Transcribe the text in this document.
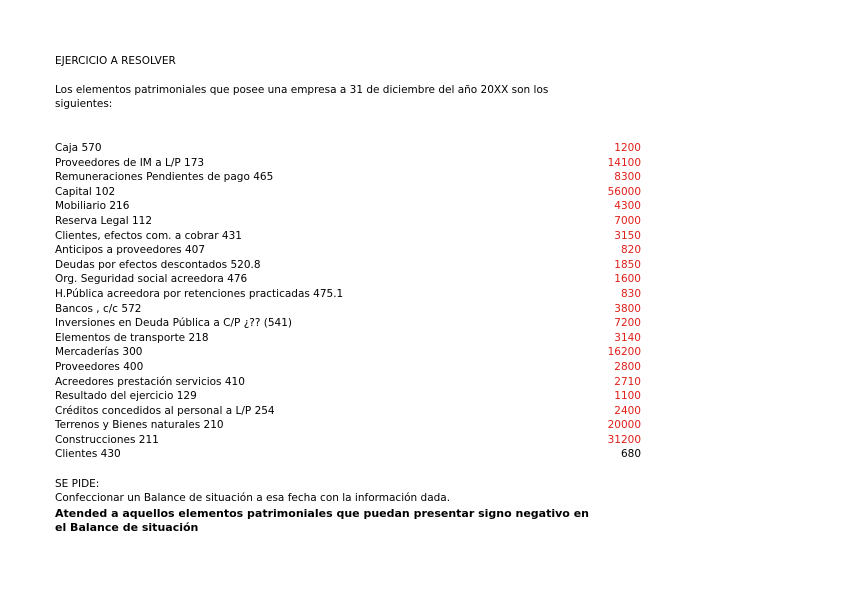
EJERCICIO A RESOLVER
Los elementos patrimoniales que posee una empresa a 31 de diciembre del año 20XX son los siguientes:
Caja 570	1200
Proveedores de IM a L/P 173	14100
Remuneraciones Pendientes de pago 465	8300
Capital 102	56000
Mobiliario 216	4300
Reserva Legal 112	7000
Clientes, efectos com. a cobrar 431	3150
Anticipos a proveedores 407	820
Deudas por efectos descontados 520.8	1850
Org. Seguridad social acreedora 476	1600
H.Pública acreedora por retenciones practicadas 475.1	830
Bancos , c/c 572	3800
Inversiones en Deuda Pública a C/P ¿?? (541)	7200
Elementos de transporte 218	3140
Mercaderías 300	16200
Proveedores 400	2800
Acreedores prestación servicios 410	2710
Resultado del ejercicio 129	1100
Créditos concedidos al personal a L/P 254	2400
Terrenos y Bienes naturales 210	20000
Construcciones 211	31200
Clientes 430	680
SE PIDE:
Confeccionar un Balance de situación a esa fecha con la información dada.
Atended a aquellos elementos patrimoniales que puedan presentar signo negativo en el Balance de situación
